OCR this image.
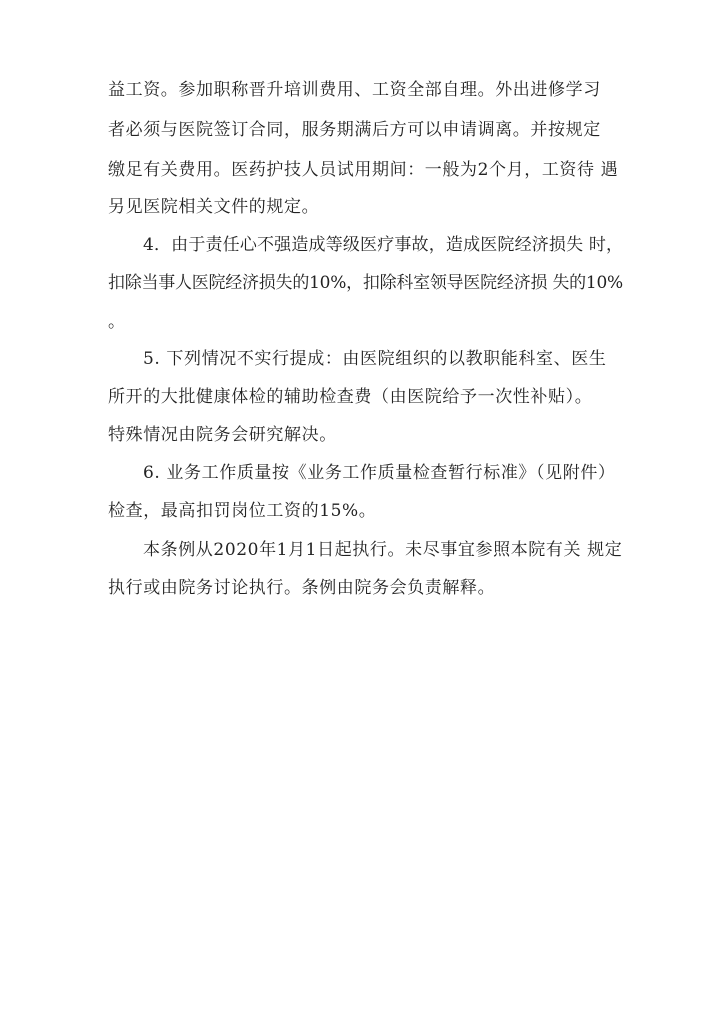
益工资。参加职称晋升培训费用、工资全部自理。外出进修学习
者必须与医院签订合同，服务期满后方可以申请调离。并按规定
缴足有关费用。医药护技人员试用期间：一般为2个月，工资待 遇
另见医院相关文件的规定。
4．由于责任心不强造成等级医疗事故，造成医院经济损失 时，
扣除当事人医院经济损失的10%，扣除科室领导医院经济损 失的10%
。
5. 下列情况不实行提成：由医院组织的以教职能科室、医生
所开的大批健康体检的辅助检查费（由医院给予一次性补贴）。
特殊情况由院务会研究解决。
6. 业务工作质量按《业务工作质量检查暂行标准》（见附件）
检查，最高扣罚岗位工资的15%。
本条例从2020年1月1日起执行。未尽事宜参照本院有关 规定
执行或由院务讨论执行。条例由院务会负责解释。
